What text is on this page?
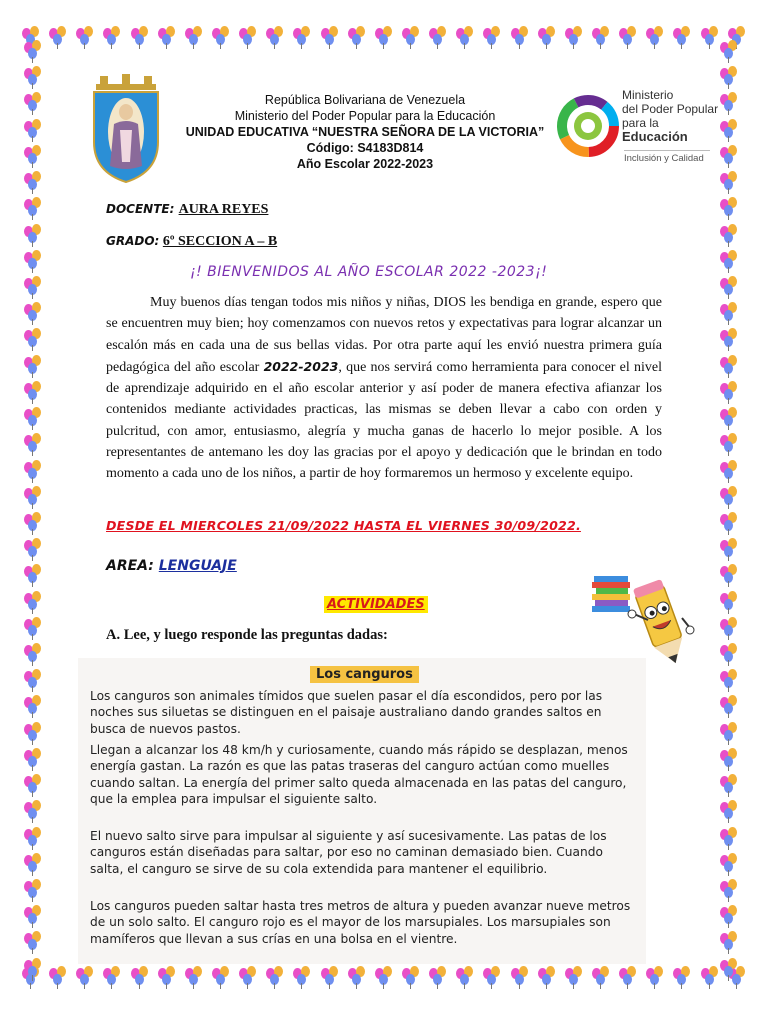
República Bolivariana de Venezuela
Ministerio del Poder Popular para la Educación
UNIDAD EDUCATIVA “NUESTRA SEÑORA DE LA VICTORIA”
Código: S4183D814
Año Escolar 2022-2023
Ministerio
del Poder Popular
para la Educación
Inclusión y Calidad
DOCENTE: AURA REYES
GRADO: 6º SECCION A – B
¡! BIENVENIDOS AL AÑO ESCOLAR 2022 -2023¡!
Muy buenos días tengan todos mis niños y niñas, DIOS les bendiga en grande, espero que se encuentren muy bien; hoy comenzamos con nuevos retos y expectativas para lograr alcanzar un escalón más en cada una de sus bellas vidas. Por otra parte aquí les envió nuestra primera guía pedagógica del año escolar 2022-2023, que nos servirá como herramienta para conocer el nivel de aprendizaje adquirido en el año escolar anterior y así poder de manera efectiva afianzar los contenidos mediante actividades practicas, las mismas se deben llevar a cabo con orden y pulcritud, con amor, entusiasmo, alegría y mucha ganas de hacerlo lo mejor posible. A los representantes de antemano les doy las gracias por el apoyo y dedicación que le brindan en todo momento a cada uno de los niños, a partir de hoy formaremos un hermoso y excelente equipo.
DESDE EL MIERCOLES 21/09/2022 HASTA EL VIERNES 30/09/2022.
AREA: LENGUAJE
ACTIVIDADES
A. Lee, y luego responde las preguntas dadas:
Los canguros

Los canguros son animales tímidos que suelen pasar el día escondidos, pero por las noches sus siluetas se distinguen en el paisaje australiano dando grandes saltos en busca de nuevos pastos.

Llegan a alcanzar los 48 km/h y curiosamente, cuando más rápido se desplazan, menos energía gastan. La razón es que las patas traseras del canguro actúan como muelles cuando saltan. La energía del primer salto queda almacenada en las patas del canguro, que la emplea para impulsar el siguiente salto.

El nuevo salto sirve para impulsar al siguiente y así sucesivamente. Las patas de los canguros están diseñadas para saltar, por eso no caminan demasiado bien. Cuando salta, el canguro se sirve de su cola extendida para mantener el equilibrio.

Los canguros pueden saltar hasta tres metros de altura y pueden avanzar nueve metros de un solo salto. El canguro rojo es el mayor de los marsupiales. Los marsupiales son mamíferos que llevan a sus crías en una bolsa en el vientre.
